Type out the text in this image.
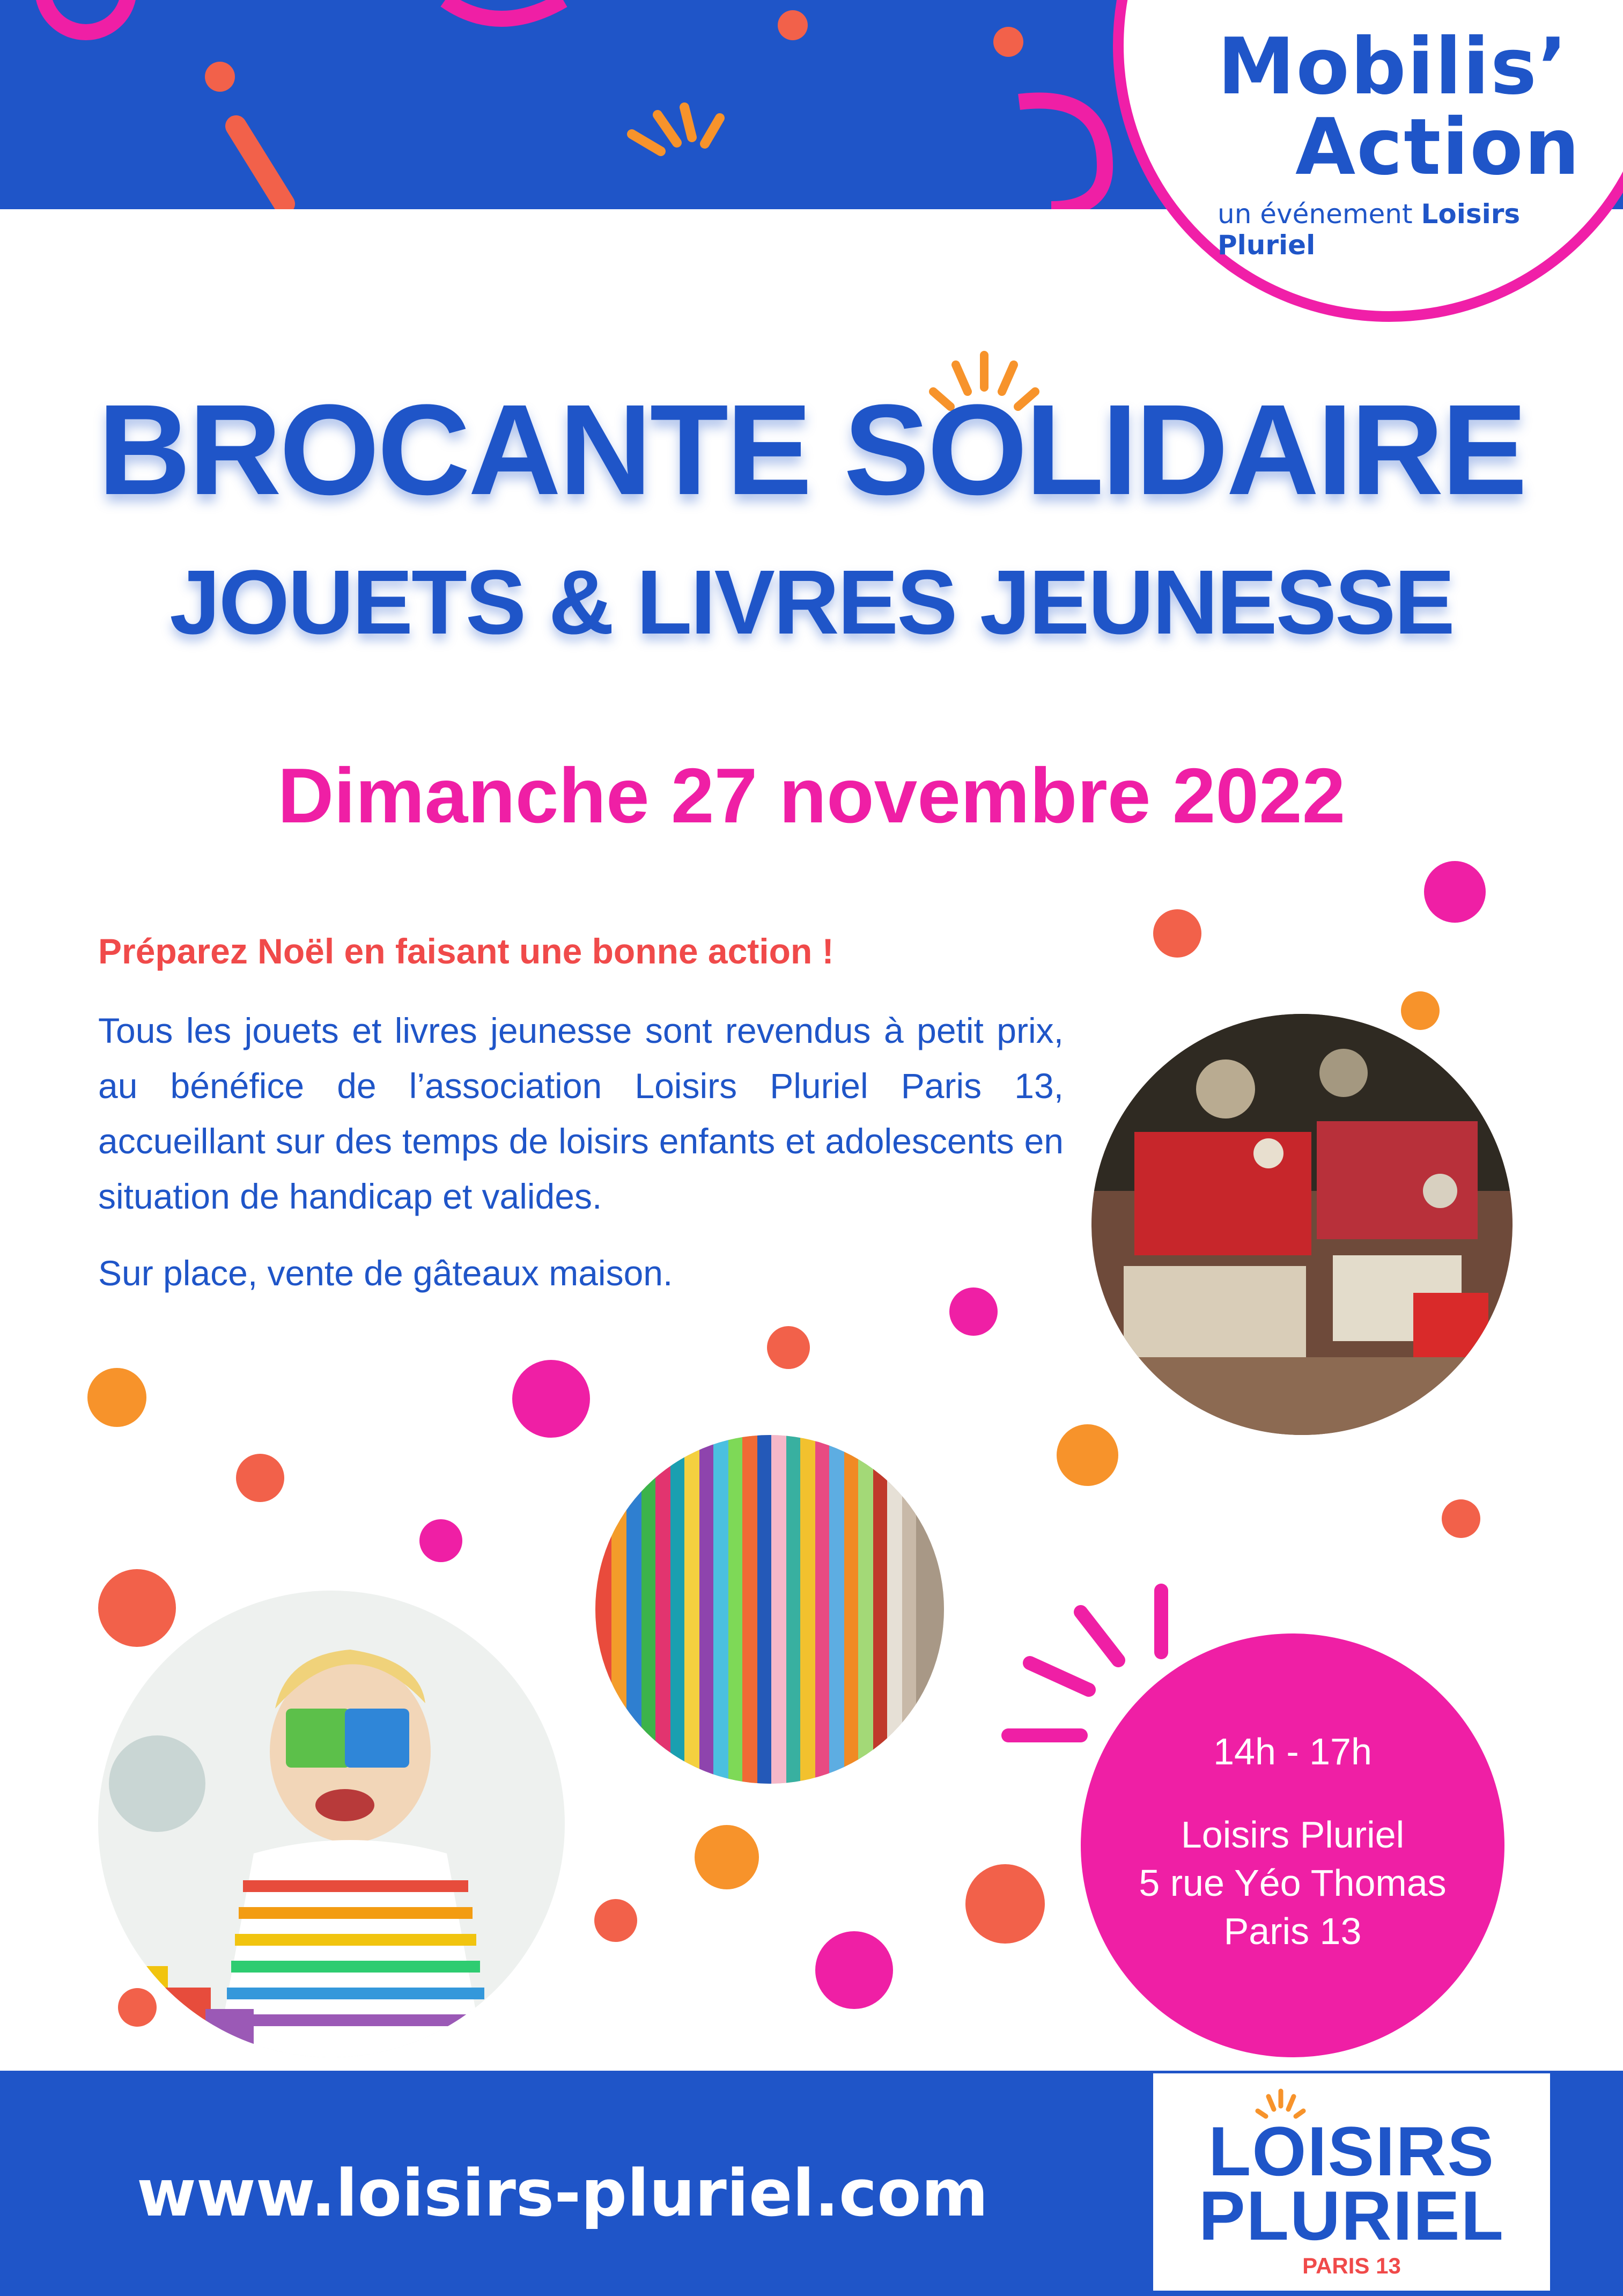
Mobilis’
Action
un événement Loisirs Pluriel
BROCANTE SOLIDAIRE
JOUETS & LIVRES JEUNESSE
Dimanche 27 novembre 2022
Préparez Noël en faisant une bonne action !
Tous les jouets et livres jeunesse sont revendus à petit prix, au bénéfice de l’association Loisirs Pluriel Paris 13, accueillant sur des temps de loisirs enfants et adolescents en situation de handicap et valides.
Sur place, vente de gâteaux maison.
14h - 17h
Loisirs Pluriel
5 rue Yéo Thomas
Paris 13
www.loisirs-pluriel.com
LOISIRS
PLURIEL
PARIS 13
